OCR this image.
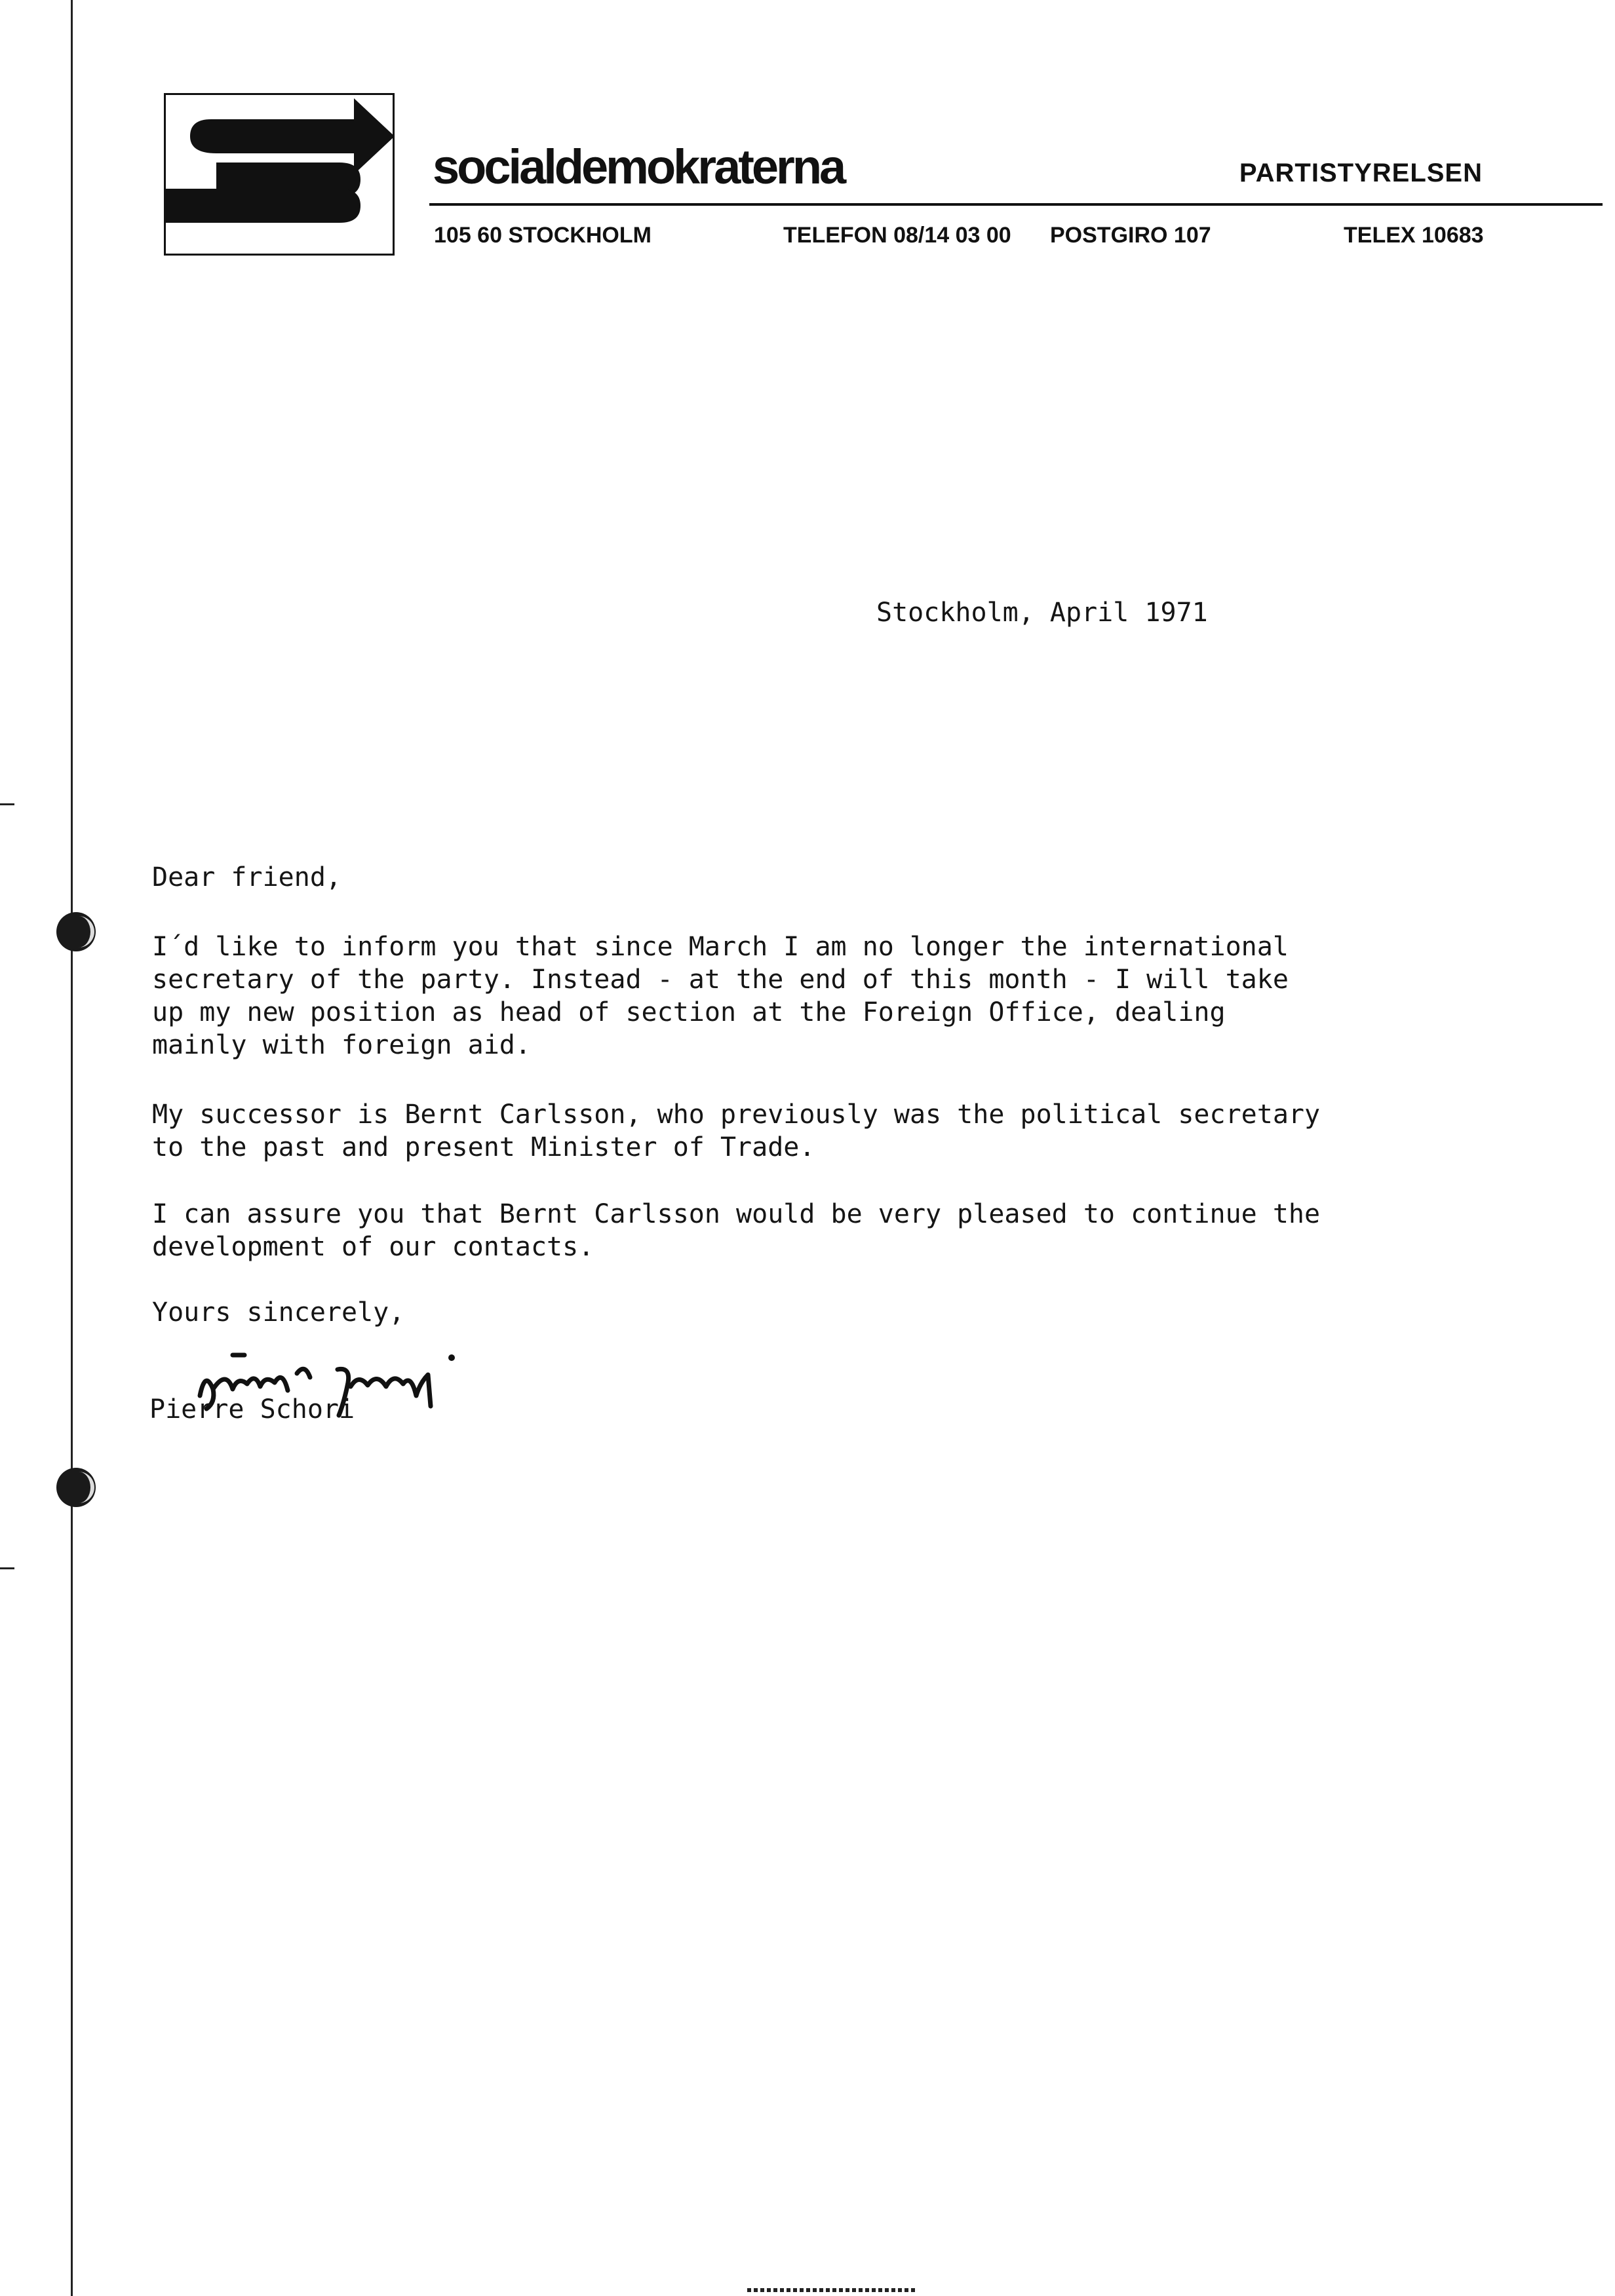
socialdemokraterna	PARTISTYRELSEN
105 60 STOCKHOLM	TELEFON 08/14 03 00 POSTGIRO 107	TELEX 10683
Stockholm, April 1971
Dear friend,
I´d like to inform you that since March I am no longer the international
secretary of the party. Instead - at the end of this month - I will take
up my new position as head of section at the Foreign Office, dealing
mainly with foreign aid.
My successor is Bernt Carlsson, who previously was the political secretary
to the past and present Minister of Trade.
I can assure you that Bernt Carlsson would be very pleased to continue the
development of our contacts.
Yours sincerely,
Pierre Schori
